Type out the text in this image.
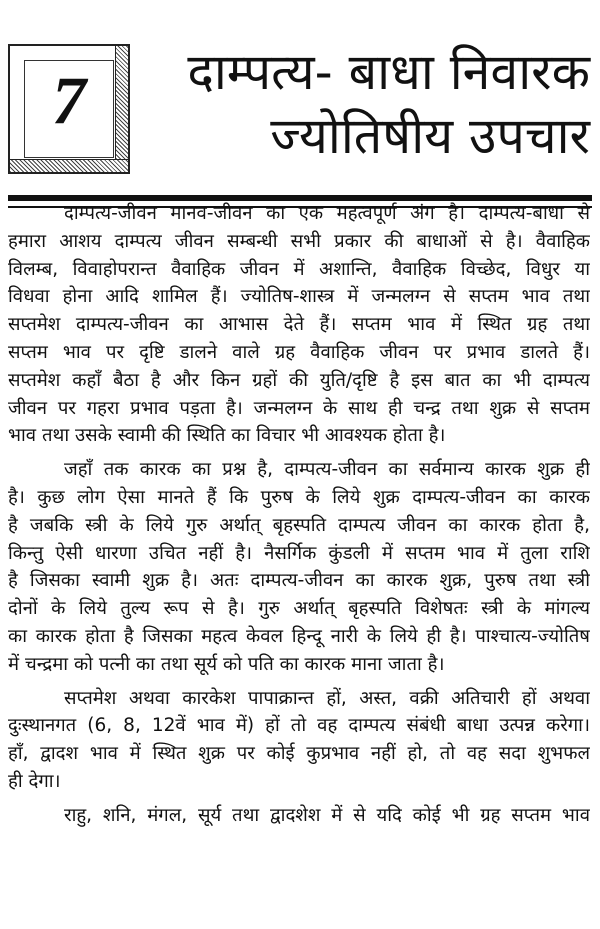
7	दाम्पत्य- बाधा निवारक
ज्योतिषीय उपचार
दाम्पत्य-जीवन मानव-जीवन का एक महत्वपूर्ण अंग है। दाम्पत्य-बाधा से
हमारा आशय दाम्पत्य जीवन सम्बन्धी सभी प्रकार की बाधाओं से है। वैवाहिक
विलम्ब, विवाहोपरान्त वैवाहिक जीवन में अशान्ति, वैवाहिक विच्छेद, विधुर या
विधवा होना आदि शामिल हैं। ज्योतिष-शास्त्र में जन्मलग्न से सप्तम भाव तथा
सप्तमेश दाम्पत्य-जीवन का आभास देते हैं। सप्तम भाव में स्थित ग्रह तथा
सप्तम भाव पर दृष्टि डालने वाले ग्रह वैवाहिक जीवन पर प्रभाव डालते हैं।
सप्तमेश कहाँ बैठा है और किन ग्रहों की युति/दृष्टि है इस बात का भी दाम्पत्य
जीवन पर गहरा प्रभाव पड़ता है। जन्मलग्न के साथ ही चन्द्र तथा शुक्र से सप्तम
भाव तथा उसके स्वामी की स्थिति का विचार भी आवश्यक होता है।
जहाँ तक कारक का प्रश्न है, दाम्पत्य-जीवन का सर्वमान्य कारक शुक्र ही
है। कुछ लोग ऐसा मानते हैं कि पुरुष के लिये शुक्र दाम्पत्य-जीवन का कारक
है जबकि स्त्री के लिये गुरु अर्थात् बृहस्पति दाम्पत्य जीवन का कारक होता है,
किन्तु ऐसी धारणा उचित नहीं है। नैसर्गिक कुंडली में सप्तम भाव में तुला राशि
है जिसका स्वामी शुक्र है। अतः दाम्पत्य-जीवन का कारक शुक्र, पुरुष तथा स्त्री
दोनों के लिये तुल्य रूप से है। गुरु अर्थात् बृहस्पति विशेषतः स्त्री के मांगल्य
का कारक होता है जिसका महत्व केवल हिन्दू नारी के लिये ही है। पाश्चात्य-ज्योतिष
में चन्द्रमा को पत्नी का तथा सूर्य को पति का कारक माना जाता है।
सप्तमेश अथवा कारकेश पापाक्रान्त हों, अस्त, वक्री अतिचारी हों अथवा
दुःस्थानगत (6, 8, 12वें भाव में) हों तो वह दाम्पत्य संबंधी बाधा उत्पन्न करेगा।
हाँ, द्वादश भाव में स्थित शुक्र पर कोई कुप्रभाव नहीं हो, तो वह सदा शुभफल
ही देगा।
राहु, शनि, मंगल, सूर्य तथा द्वादशेश में से यदि कोई भी ग्रह सप्तम भाव
